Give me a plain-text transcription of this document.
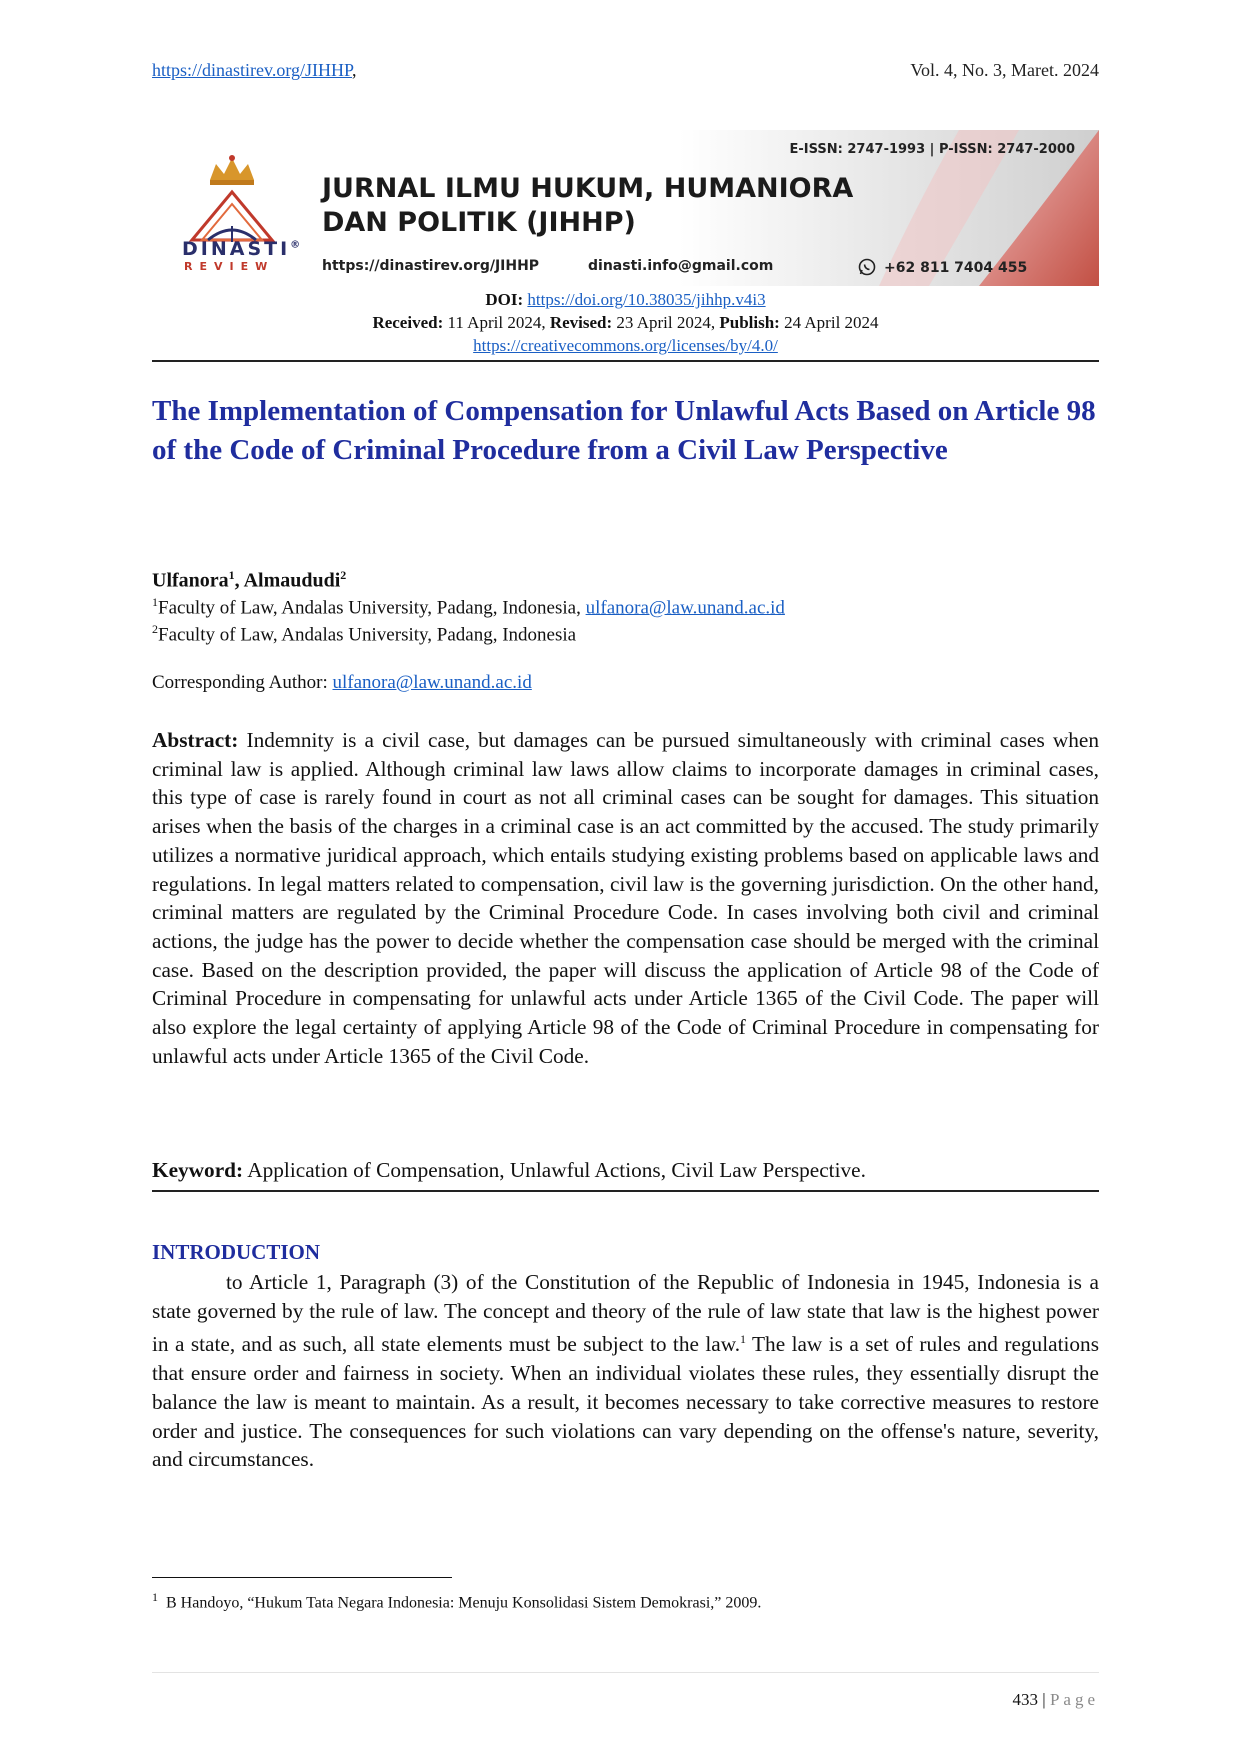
https://dinastirev.org/JIHHP,	Vol. 4, No. 3, Maret. 2024
DINASTI®
REVIEW
JURNAL ILMU HUKUM, HUMANIORA
DAN POLITIK (JIHHP)
E-ISSN: 2747-1993 | P-ISSN: 2747-2000
https://dinastirev.org/JIHHP	dinasti.info@gmail.com	+62 811 7404 455
DOI: https://doi.org/10.38035/jihhp.v4i3
Received: 11 April 2024, Revised: 23 April 2024, Publish: 24 April 2024
https://creativecommons.org/licenses/by/4.0/
The Implementation of Compensation for Unlawful Acts Based on Article 98 of the Code of Criminal Procedure from a Civil Law Perspective
Ulfanora$^1$, Almaududi$^2$
$^1$Faculty of Law, Andalas University, Padang, Indonesia, ulfanora@law.unand.ac.id
$^2$Faculty of Law, Andalas University, Padang, Indonesia
Corresponding Author: ulfanora@law.unand.ac.id

Abstract: Indemnity is a civil case, but damages can be pursued simultaneously with criminal cases when criminal law is applied. Although criminal law laws allow claims to incorporate damages in criminal cases, this type of case is rarely found in court as not all criminal cases can be sought for damages. This situation arises when the basis of the charges in a criminal case is an act committed by the accused. The study primarily utilizes a normative juridical approach, which entails studying existing problems based on applicable laws and regulations. In legal matters related to compensation, civil law is the governing jurisdiction. On the other hand, criminal matters are regulated by the Criminal Procedure Code. In cases involving both civil and criminal actions, the judge has the power to decide whether the compensation case should be merged with the criminal case. Based on the description provided, the paper will discuss the application of Article 98 of the Code of Criminal Procedure in compensating for unlawful acts under Article 1365 of the Civil Code. The paper will also explore the legal certainty of applying Article 98 of the Code of Criminal Procedure in compensating for unlawful acts under Article 1365 of the Civil Code.

Keyword: Application of Compensation, Unlawful Actions, Civil Law Perspective.
INTRODUCTION

to Article 1, Paragraph (3) of the Constitution of the Republic of Indonesia in 1945, Indonesia is a state governed by the rule of law. The concept and theory of the rule of law state that law is the highest power in a state, and as such, all state elements must be subject to the law.$^1$ The law is a set of rules and regulations that ensure order and fairness in society. When an individual violates these rules, they essentially disrupt the balance the law is meant to maintain. As a result, it becomes necessary to take corrective measures to restore order and justice. The consequences for such violations can vary depending on the offense's nature, severity, and circumstances.

$^1$ B Handoyo, “Hukum Tata Negara Indonesia: Menuju Konsolidasi Sistem Demokrasi,” 2009.
433 | Page
